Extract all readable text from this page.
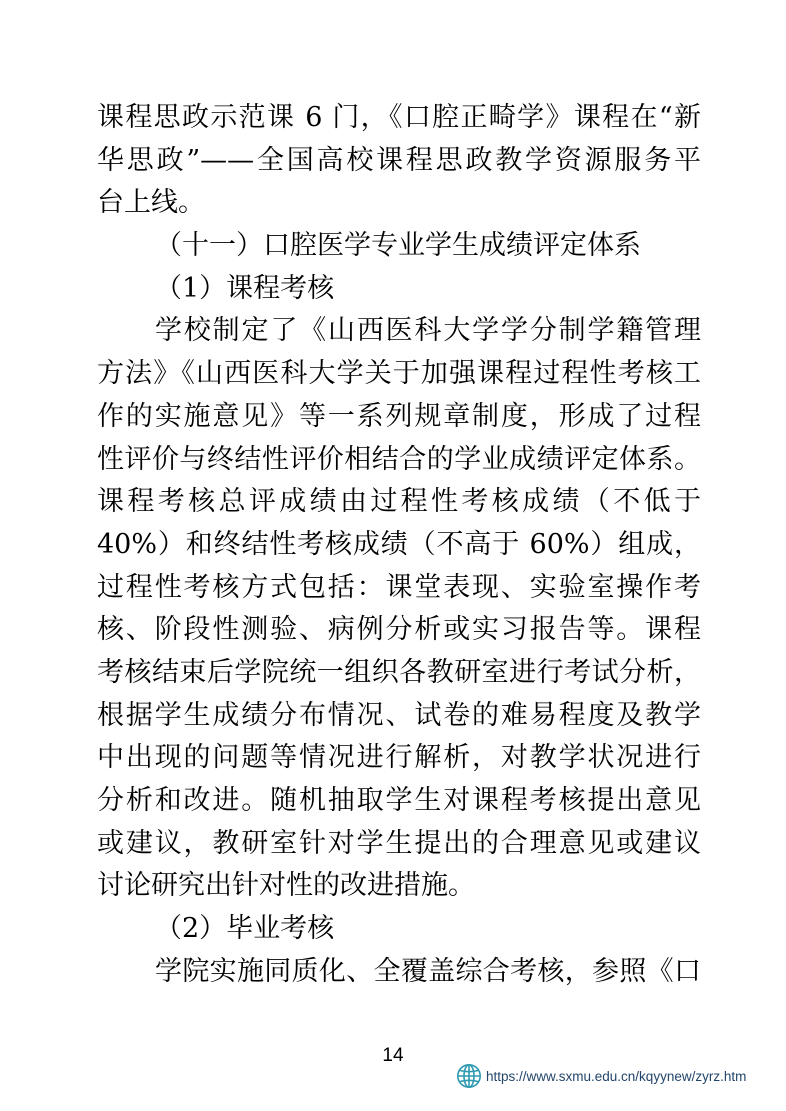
课程思政示范课 6 门，《口腔正畸学》课程在“新
华思政”——全国高校课程思政教学资源服务平
台上线。
（十一）口腔医学专业学生成绩评定体系
（1）课程考核
学校制定了《山西医科大学学分制学籍管理
方法》《山西医科大学关于加强课程过程性考核工
作的实施意见》等一系列规章制度，形成了过程
性评价与终结性评价相结合的学业成绩评定体系。
课程考核总评成绩由过程性考核成绩（不低于
40%）和终结性考核成绩（不高于 60%）组成，
过程性考核方式包括：课堂表现、实验室操作考
核、阶段性测验、病例分析或实习报告等。课程
考核结束后学院统一组织各教研室进行考试分析，
根据学生成绩分布情况、试卷的难易程度及教学
中出现的问题等情况进行解析，对教学状况进行
分析和改进。随机抽取学生对课程考核提出意见
或建议，教研室针对学生提出的合理意见或建议
讨论研究出针对性的改进措施。
（2）毕业考核
学院实施同质化、全覆盖综合考核，参照《口
14
https://www.sxmu.edu.cn/kqyynew/zyrz.htm
